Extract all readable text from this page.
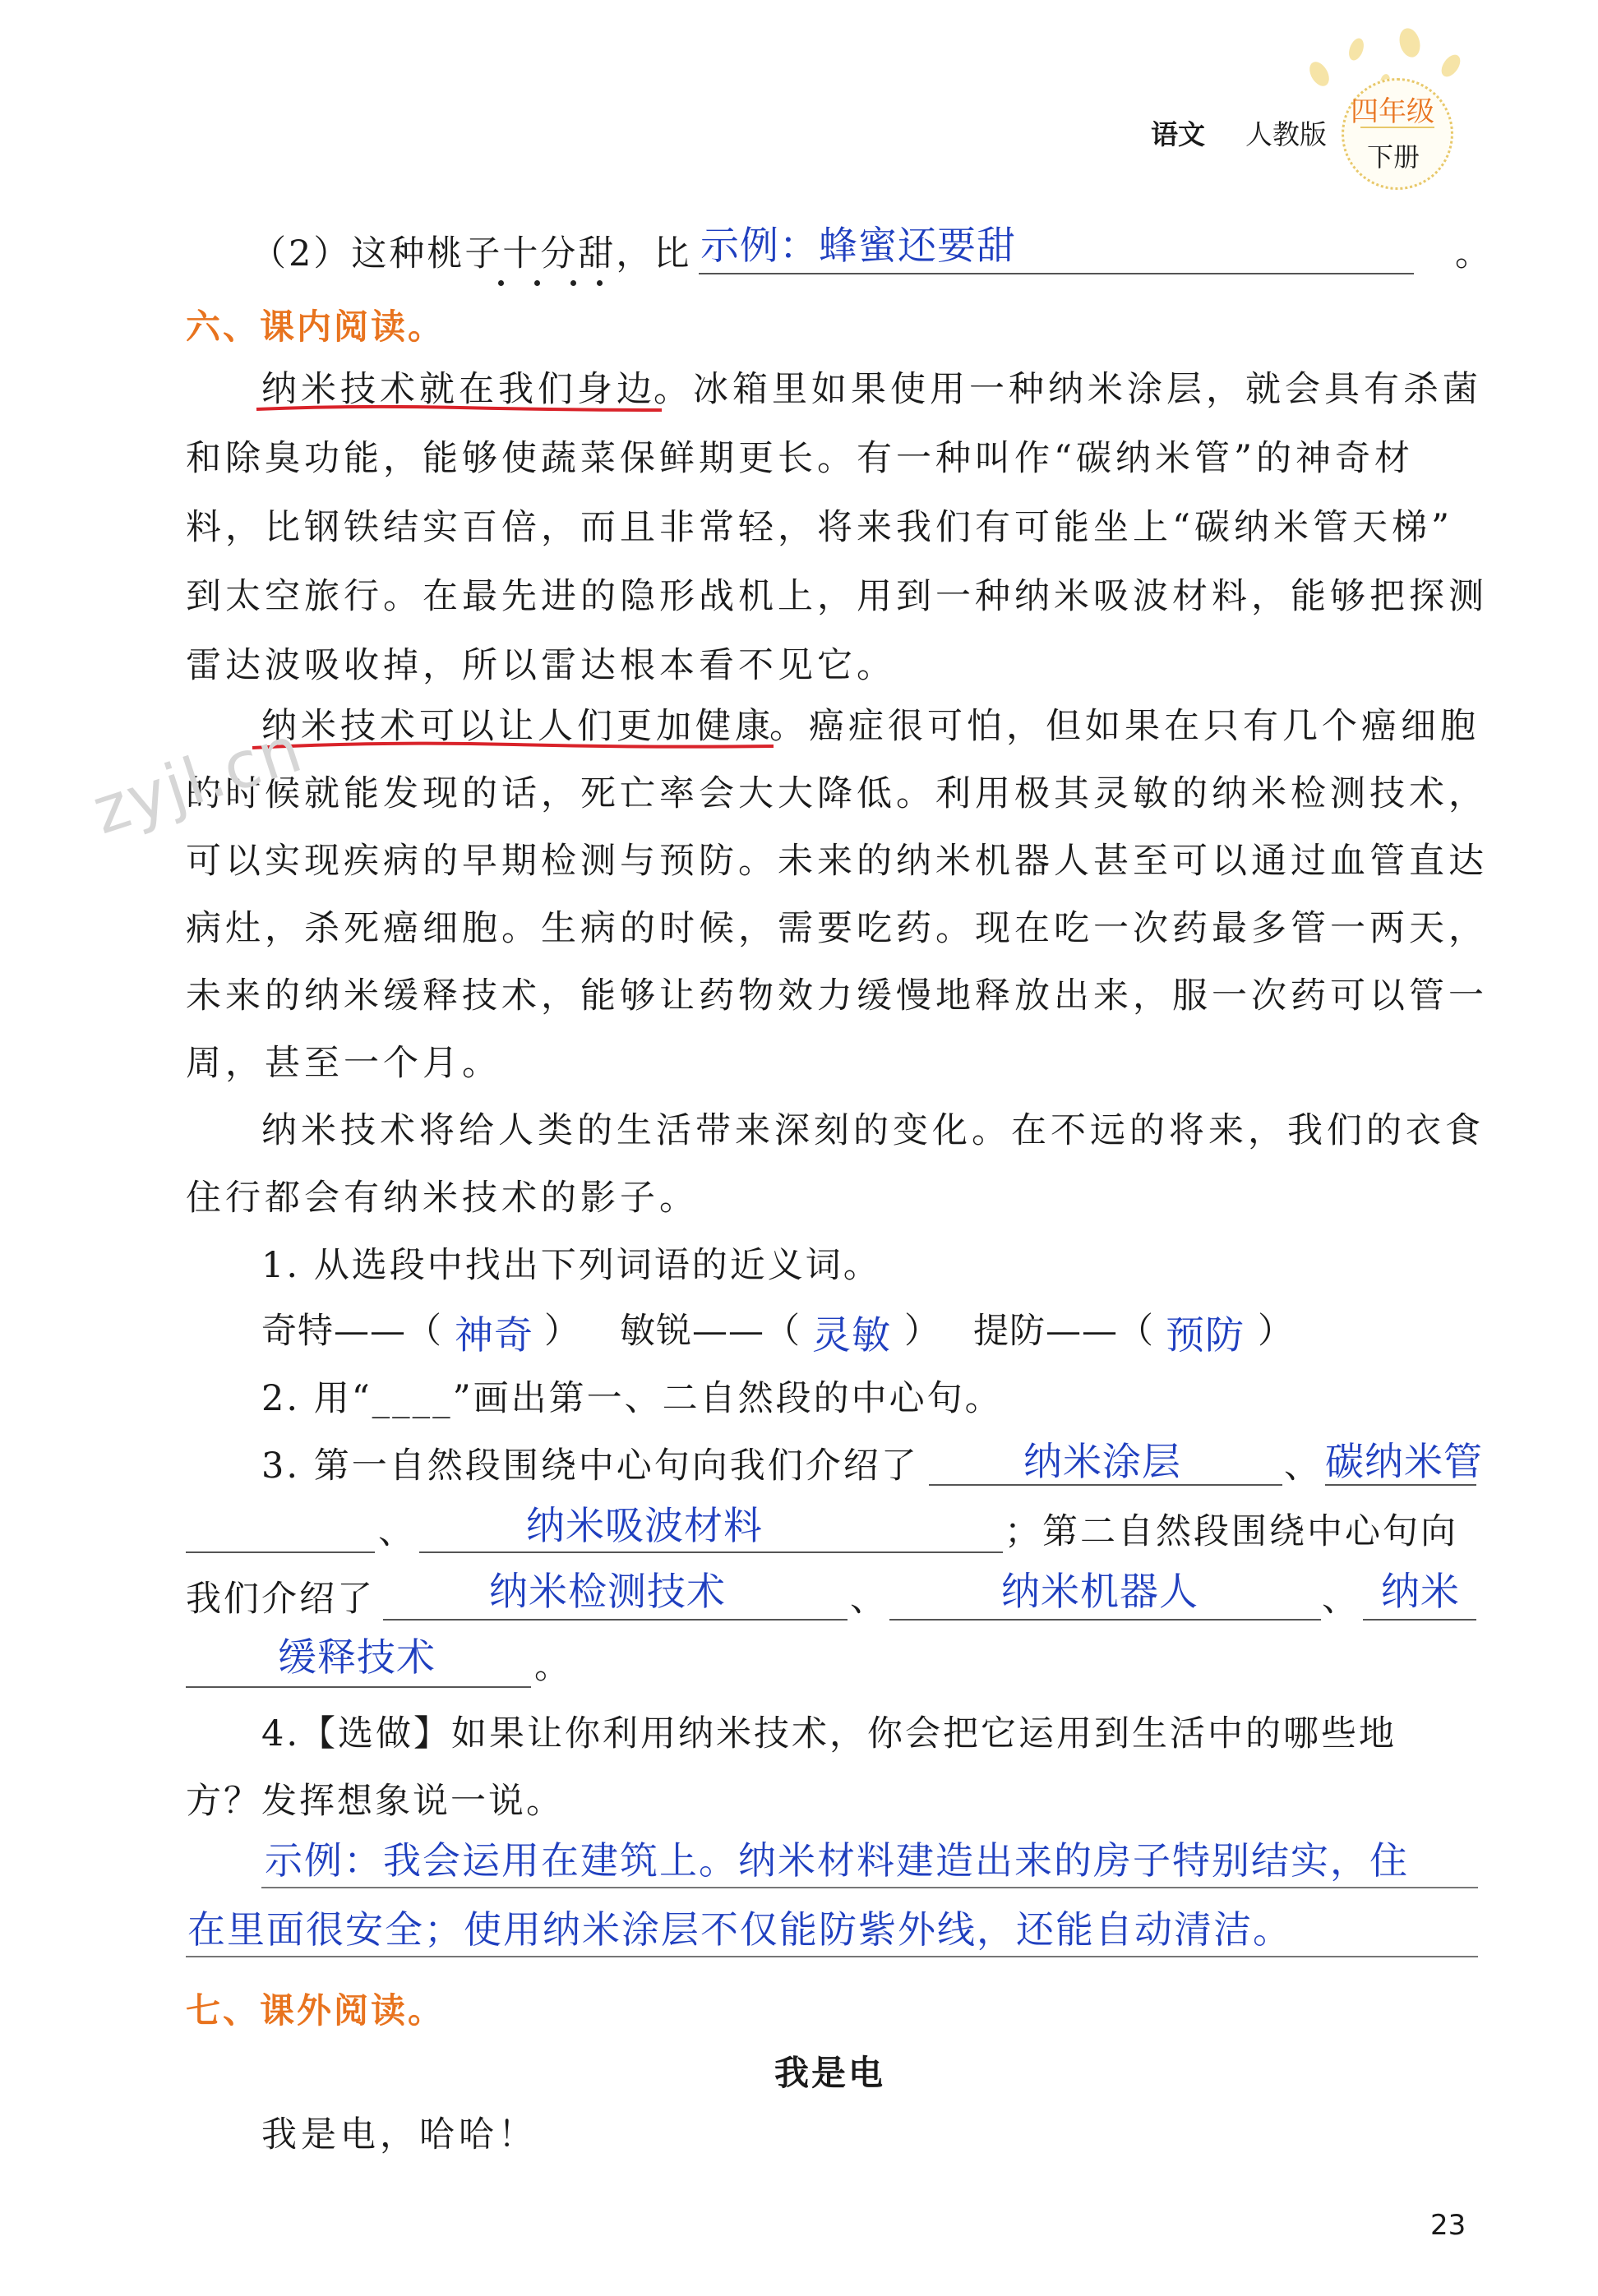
语文 人教版
四年级
下册
（2）这种桃子十分甜，比 示例：蜂蜜还要甜	。
六、课内阅读。
纳米技术就在我们身边
。冰箱里如果使用一种纳米涂层，就会具有杀菌
和除臭功能，能够使蔬菜保鲜期更长。有一种叫作“碳纳米管”的神奇材
料，比钢铁结实百倍，而且非常轻，将来我们有可能坐上“碳纳米管天梯”
到太空旅行。在最先进的隐形战机上，用到一种纳米吸波材料，能够把探测
雷达波吸收掉，所以雷达根本看不见它。
纳米技术可以让人们更加健康
。癌症很可怕，但如果在只有几个癌细胞
的时候就能发现的话，死亡率会大大降低。利用极其灵敏的纳米检测技术，
可以实现疾病的早期检测与预防。未来的纳米机器人甚至可以通过血管直达
病灶，杀死癌细胞。生病的时候，需要吃药。现在吃一次药最多管一两天，
未来的纳米缓释技术，能够让药物效力缓慢地释放出来，服一次药可以管一
周，甚至一个月。
zyjl.cn
纳米技术将给人类的生活带来深刻的变化。在不远的将来，我们的衣食
住行都会有纳米技术的影子。
1. 从选段中找出下列词语的近义词。
奇特——（ 神奇 ） 敏锐——（ 灵敏 ） 提防——（ 预防 ）
2. 用“____”画出第一、二自然段的中心句。
3. 第一自然段围绕中心句向我们介绍了	纳米涂层	、 碳纳米管
、	纳米吸波材料	；第二自然段围绕中心句向
我们介绍了	纳米检测技术	、	纳米机器人	、 纳米
缓释技术	。
4.【选做】如果让你利用纳米技术，你会把它运用到生活中的哪些地
方？发挥想象说一说。
示例：我会运用在建筑上。纳米材料建造出来的房子特别结实，住
在里面很安全；使用纳米涂层不仅能防紫外线，还能自动清洁。
七、课外阅读。
我是电
我是电，哈哈！
23
